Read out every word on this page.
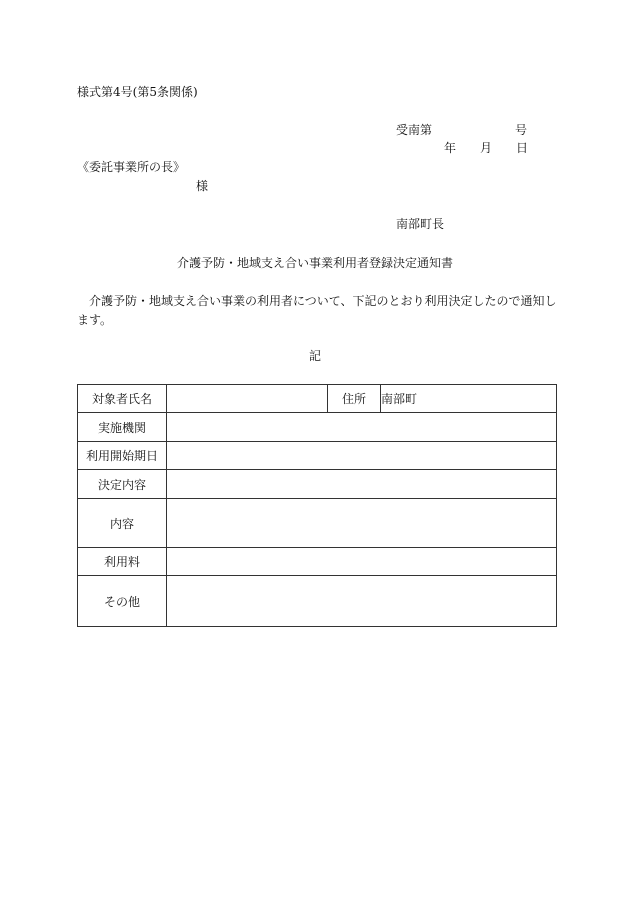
様式第4号(第5条関係)
受南第	号
年 月 日
《委託事業所の長》
様
南部町長
介護予防・地域支え合い事業利用者登録決定通知書
介護予防・地域支え合い事業の利用者について、下記のとおり利用決定したので通知します。
記
対象者氏名		住所	南部町
実施機関			
利用開始期日			
決定内容			
内容			
利用料			
その他			
